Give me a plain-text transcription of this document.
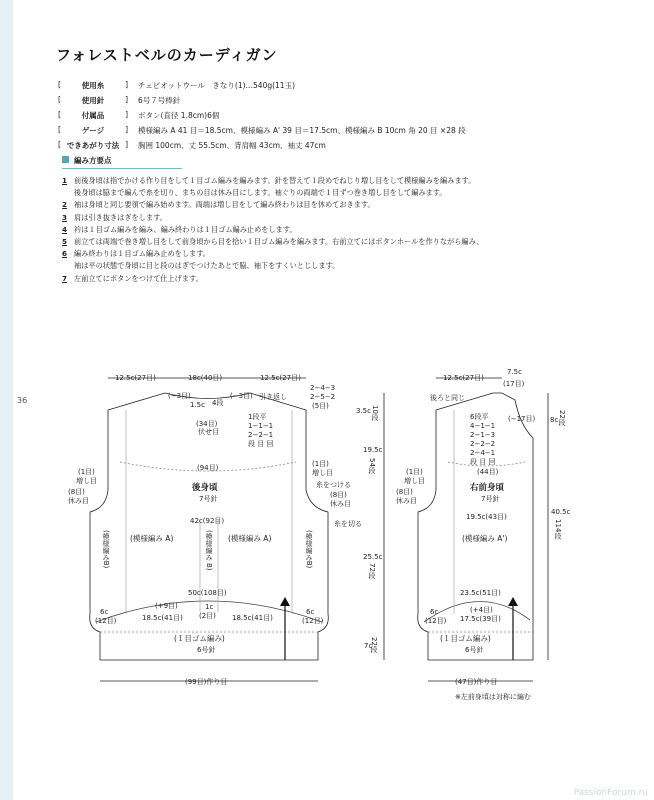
36
フォレストベルのカーディガン
[ 使用糸 ]	チェビオットウール　きなり(1)…540g(11玉)
[ 使用針 ]	6号７号棒針
[ 付属品 ]	ボタン(直径 1.8cm)6個
[ ゲージ ]	模様編み A 41 目＝18.5cm、模様編み A' 39 目＝17.5cm、模様編み B 10cm 角 20 目 ×28 段
[ できあがり寸法 ]	胸囲 100cm、丈 55.5cm、背肩幅 43cm、袖丈 47cm
編み方要点
1 前後身頃は指でかける作り目をして１目ゴム編みを編みます。針を替えて１段めでねじり増し目をして模様編みを編みます。
後身頃は脇まで編んで糸を切り、まちの目は休み目にします。袖ぐりの両端で１目ずつ巻き増し目をして編みます。
2 袖は身頃と同じ要領で編み始めます。両端は増し目をして編み終わりは目を休めておきます。
3 肩は引き抜きはぎをします。
4 衿は１目ゴム編みを編み、編み終わりは１目ゴム編み止めをします。
5 前立ては両端で巻き増し目をして前身頃から目を拾い１目ゴム編みを編みます。右前立てにはボタンホールを作りながら編み、
6 編み終わりは１目ゴム編み止めをします。
袖は平の状態で身頃に目と段のはぎでつけたあとで脇、袖下をすくいとじします。
7 左前立てにボタンをつけて仕上げます。
12.5c(27目)	18c(40目)	12.5c(27目)
(−3目)	(−3目)
1.5c 4段
引き返し
2−4−3
2−5−2
(5目)
1段平
1−1−1
2−2−1
段 目 回
(34目)
伏せ目
(94目)
後身頃
7号針
42c(92目)
(模様編み A)	(模様編み A)
(模様編み B)
(模様編みB)	(模様編みB)
(1目)
増し目
(8目)
休み目
(1目)
増し目
(8目)
休み目
糸をつける
糸を切る
50c(108目)
(+9目)	1c
(2目)
6c
(12目)
6c
(12目)
18.5c(41目)	18.5c(41目)
(１目ゴム編み)
6号針
(99目)作り目
3.5c 10段
19.5c
54段
25.5c
72段
7c
22段
12.5c(27目)
7.5c
(17目)
後ろと同じ
6段平
4−1−1
2−1−3
2−2−2
2−4−1
段 目 回
(−17目)
(44目)
右前身頃
7号針
19.5c(43目)
(模様編み A')
(1目)
増し目
(8目)
休み目
23.5c(51目)
(+4目)
17.5c(39目)
6c
(12目)
(１目ゴム編み)
6号針
(47目)作り目
※左前身頃は対称に編む
8c 22段
40.5c
114段
PassionForum.ru
